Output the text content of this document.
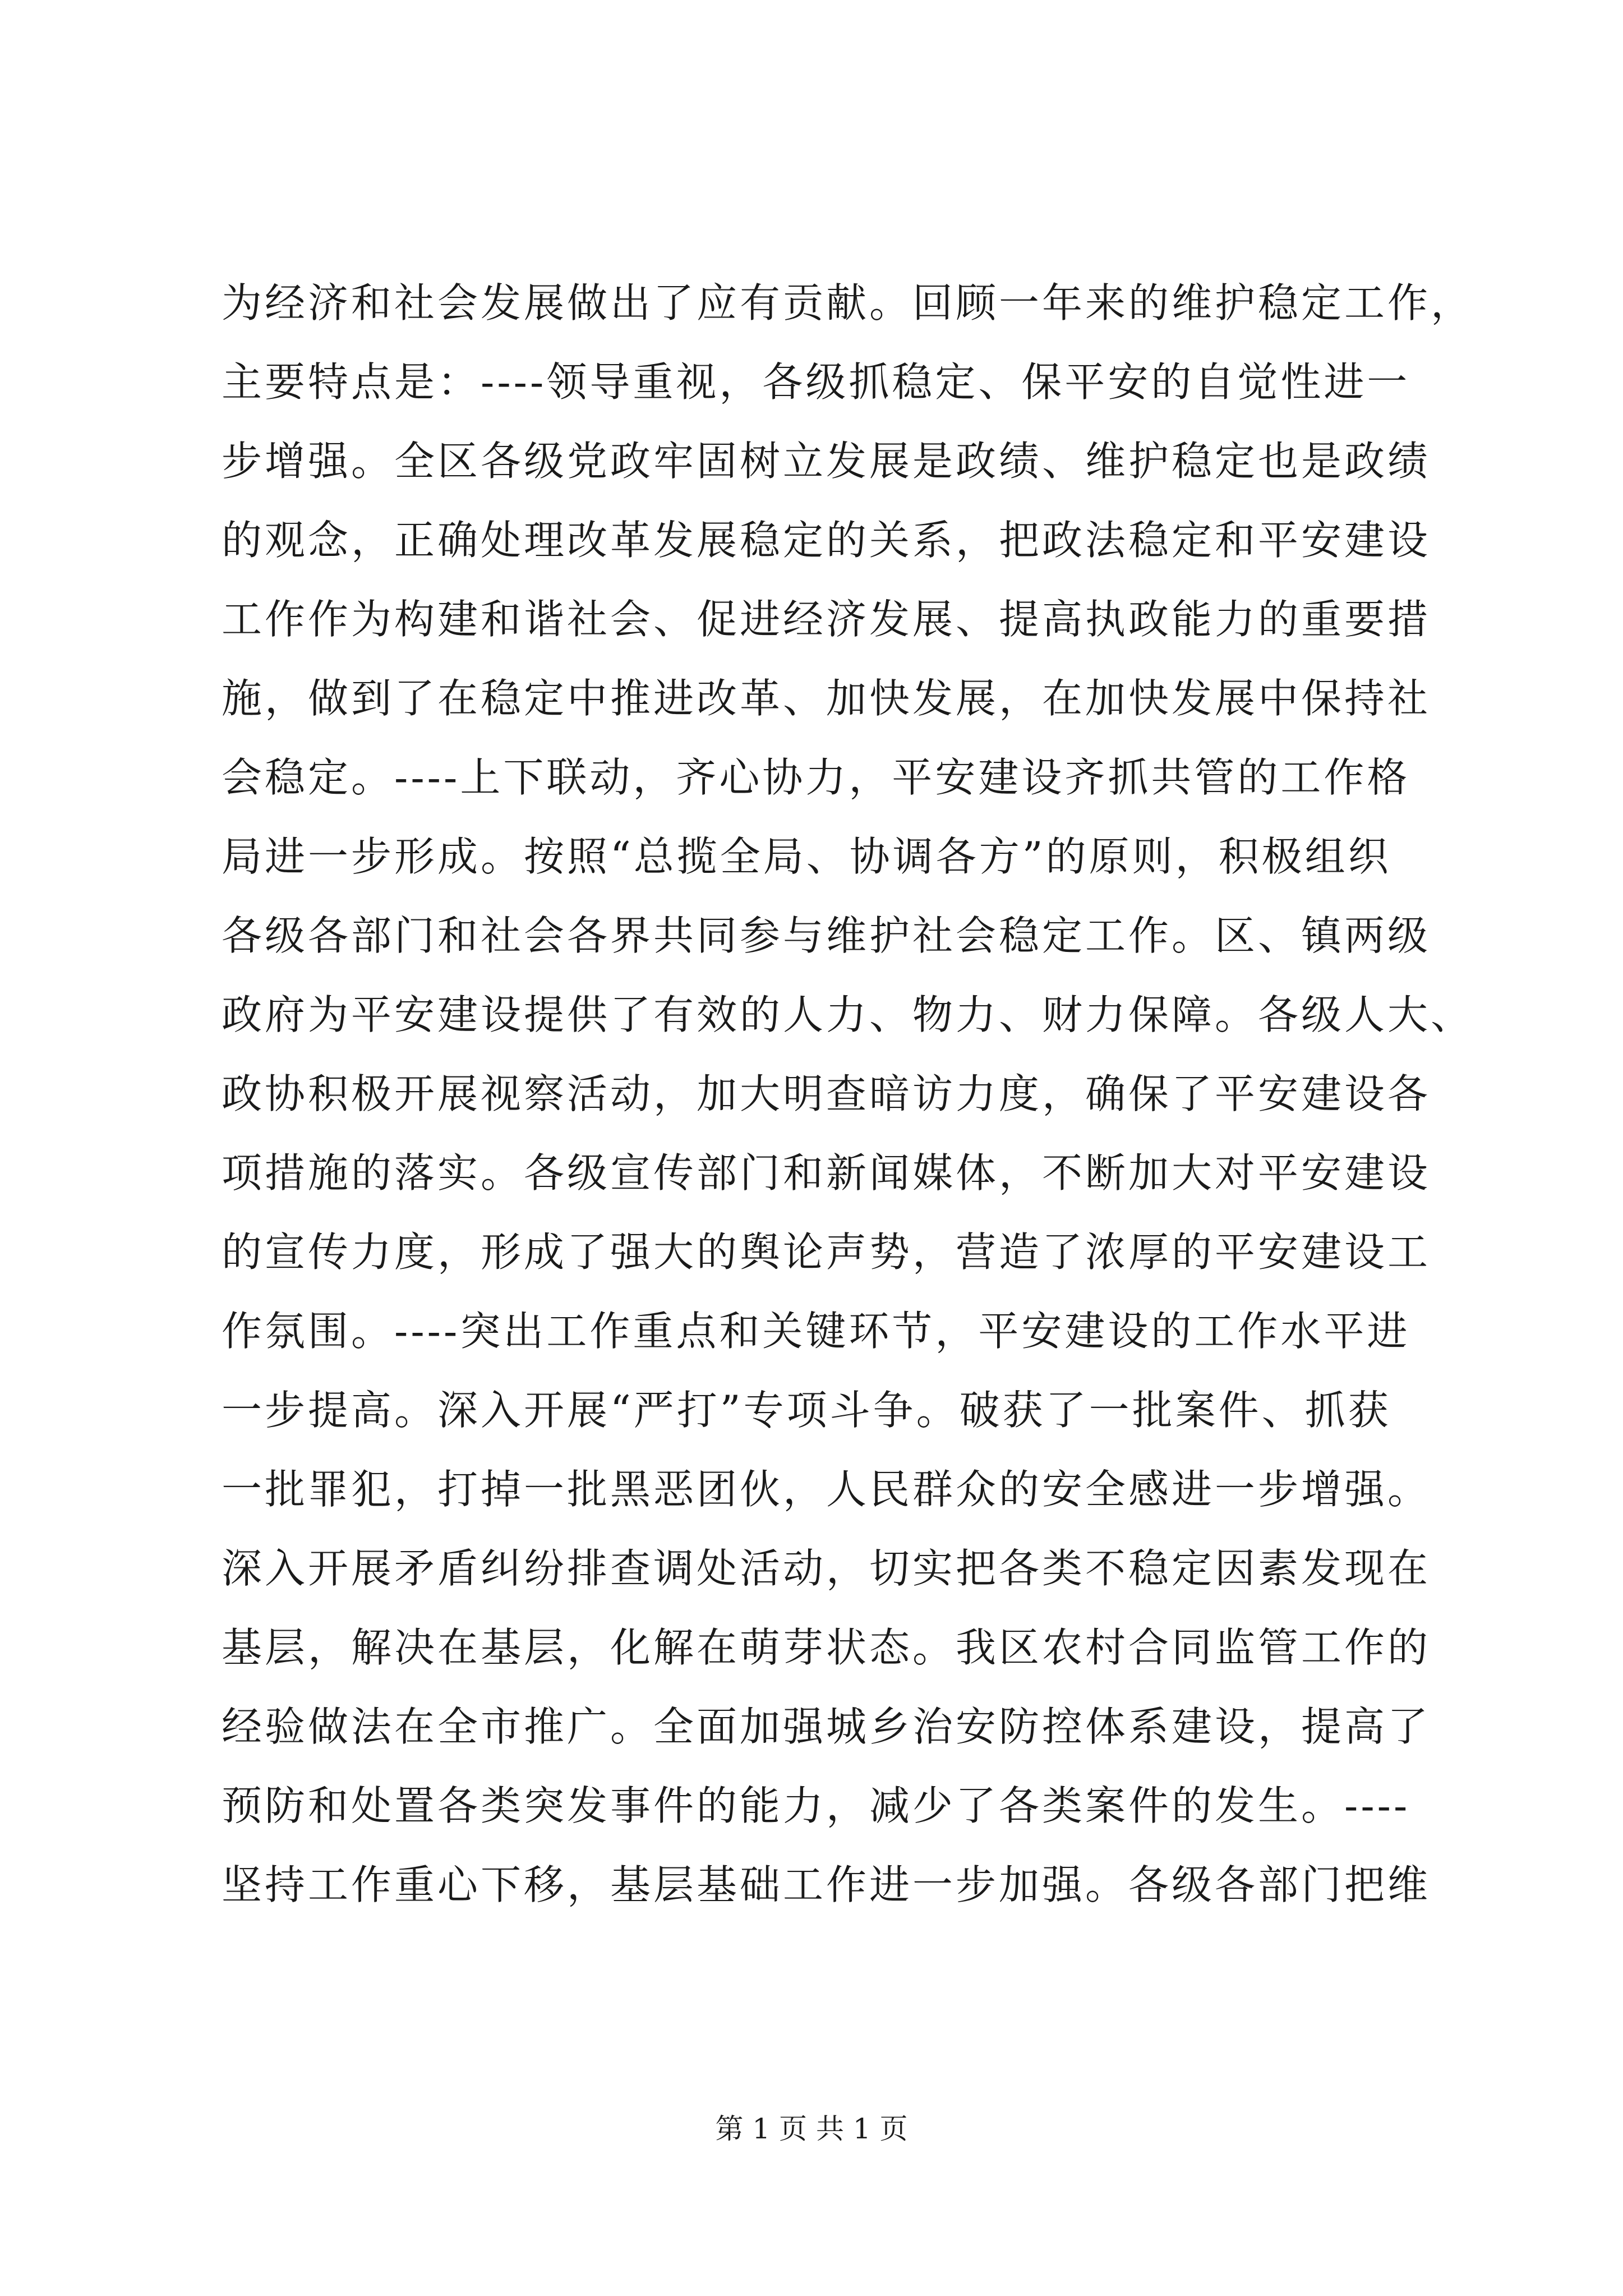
为经济和社会发展做出了应有贡献。回顾一年来的维护稳定工作，
主要特点是：----领导重视，各级抓稳定、保平安的自觉性进一
步增强。全区各级党政牢固树立发展是政绩、维护稳定也是政绩
的观念，正确处理改革发展稳定的关系，把政法稳定和平安建设
工作作为构建和谐社会、促进经济发展、提高执政能力的重要措
施，做到了在稳定中推进改革、加快发展，在加快发展中保持社
会稳定。----上下联动，齐心协力，平安建设齐抓共管的工作格
局进一步形成。按照“总揽全局、协调各方”的原则，积极组织
各级各部门和社会各界共同参与维护社会稳定工作。区、镇两级
政府为平安建设提供了有效的人力、物力、财力保障。各级人大、
政协积极开展视察活动，加大明查暗访力度，确保了平安建设各
项措施的落实。各级宣传部门和新闻媒体，不断加大对平安建设
的宣传力度，形成了强大的舆论声势，营造了浓厚的平安建设工
作氛围。----突出工作重点和关键环节，平安建设的工作水平进
一步提高。深入开展“严打”专项斗争。破获了一批案件、抓获
一批罪犯，打掉一批黑恶团伙，人民群众的安全感进一步增强。
深入开展矛盾纠纷排查调处活动，切实把各类不稳定因素发现在
基层，解决在基层，化解在萌芽状态。我区农村合同监管工作的
经验做法在全市推广。全面加强城乡治安防控体系建设，提高了
预防和处置各类突发事件的能力，减少了各类案件的发生。----
坚持工作重心下移，基层基础工作进一步加强。各级各部门把维
第 1 页 共 1 页
